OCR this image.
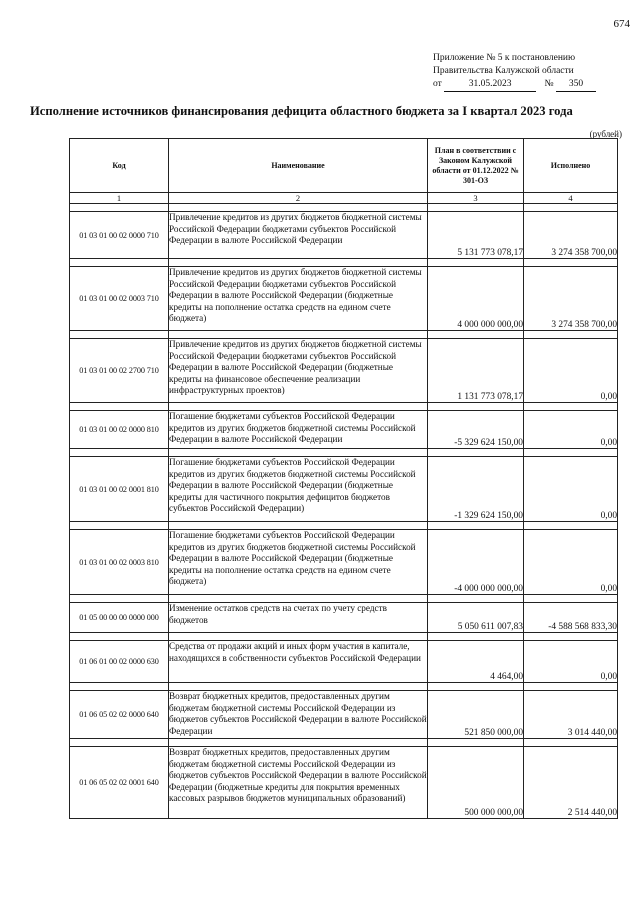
674
Приложение № 5 к постановлению
Правительства Калужской области
от	31.05.2023	№ 350
Исполнение источников финансирования дефицита областного бюджета за I квартал 2023 года
(рублей)
Код	Наименование	План в соответствии с Законом Калужской области от 01.12.2022 № 301-ОЗ	Исполнено
1	2	3	4

01 03 01 00 02 0000 710	Привлечение кредитов из других бюджетов бюджетной системы Российской Федерации бюджетами субъектов Российской Федерации в валюте Российской Федерации	5 131 773 078,17	3 274 358 700,00

01 03 01 00 02 0003 710	Привлечение кредитов из других бюджетов бюджетной системы Российской Федерации бюджетами субъектов Российской Федерации в валюте Российской Федерации (бюджетные кредиты на пополнение остатка средств на едином счете бюджета)	4 000 000 000,00	3 274 358 700,00

01 03 01 00 02 2700 710	Привлечение кредитов из других бюджетов бюджетной системы Российской Федерации бюджетами субъектов Российской Федерации в валюте Российской Федерации (бюджетные кредиты на финансовое обеспечение реализации инфраструктурных проектов)	1 131 773 078,17	0,00

01 03 01 00 02 0000 810	Погашение бюджетами субъектов Российской Федерации кредитов из других бюджетов бюджетной системы Российской Федерации в валюте Российской Федерации	-5 329 624 150,00	0,00

01 03 01 00 02 0001 810	Погашение бюджетами субъектов Российской Федерации кредитов из других бюджетов бюджетной системы Российской Федерации в валюте Российской Федерации (бюджетные кредиты для частичного покрытия дефицитов бюджетов субъектов Российской Федерации)	-1 329 624 150,00	0,00

01 03 01 00 02 0003 810	Погашение бюджетами субъектов Российской Федерации кредитов из других бюджетов бюджетной системы Российской Федерации в валюте Российской Федерации (бюджетные кредиты на пополнение остатка средств на едином счете бюджета)	-4 000 000 000,00	0,00

01 05 00 00 00 0000 000	Изменение остатков средств на счетах по учету средств бюджетов	5 050 611 007,83	-4 588 568 833,30

01 06 01 00 02 0000 630	Средства от продажи акций и иных форм участия в капитале, находящихся в собственности субъектов Российской Федерации	4 464,00	0,00

01 06 05 02 02 0000 640	Возврат бюджетных кредитов, предоставленных другим бюджетам бюджетной системы Российской Федерации из бюджетов субъектов Российской Федерации в валюте Российской Федерации	521 850 000,00	3 014 440,00

01 06 05 02 02 0001 640	Возврат бюджетных кредитов, предоставленных другим бюджетам бюджетной системы Российской Федерации из бюджетов субъектов Российской Федерации в валюте Российской Федерации (бюджетные кредиты для покрытия временных кассовых разрывов бюджетов муниципальных образований)	500 000 000,00	2 514 440,00
